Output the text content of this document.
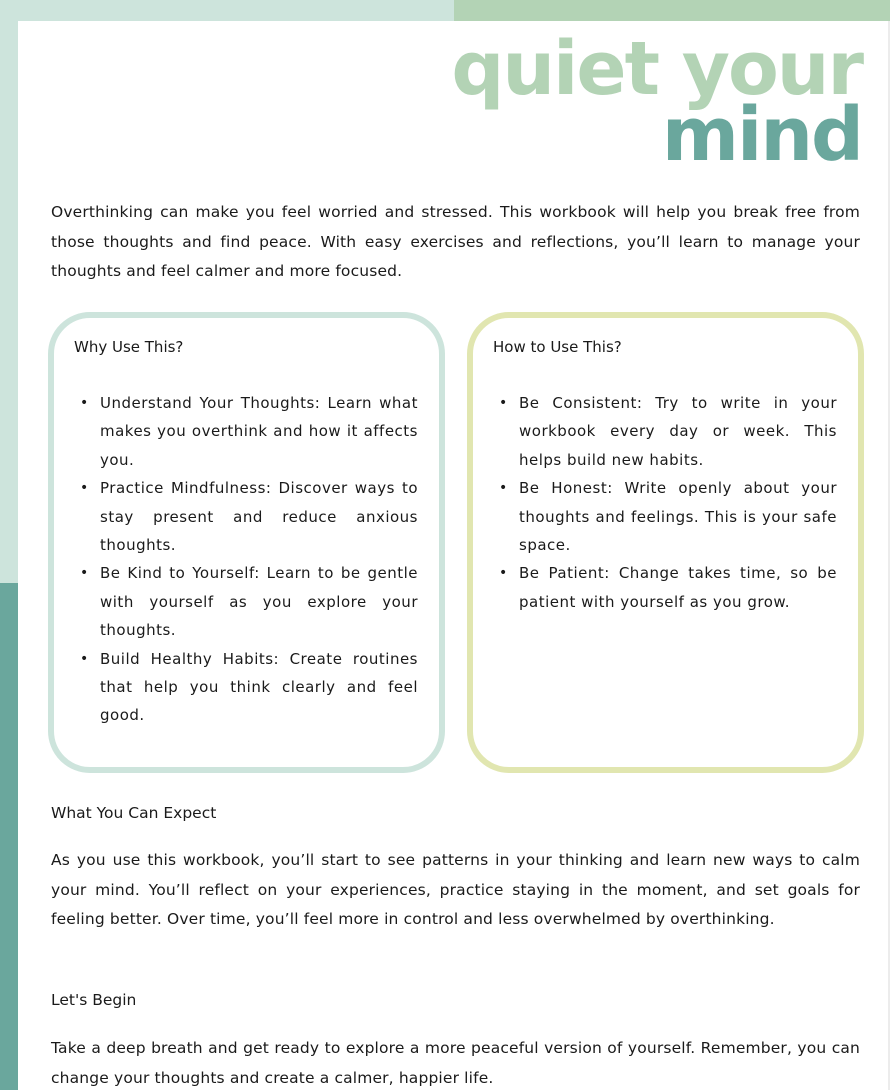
quiet your
mind

Overthinking can make you feel worried and stressed. This workbook will help you break free from those thoughts and find peace. With easy exercises and reflections, you’ll learn to manage your thoughts and feel calmer and more focused.

Why Use This?
• Understand Your Thoughts: Learn what makes you overthink and how it affects you.
• Practice Mindfulness: Discover ways to stay present and reduce anxious thoughts.
• Be Kind to Yourself: Learn to be gentle with yourself as you explore your thoughts.
• Build Healthy Habits: Create routines that help you think clearly and feel good.
How to Use This?
• Be Consistent: Try to write in your workbook every day or week. This helps build new habits.
• Be Honest: Write openly about your thoughts and feelings. This is your safe space.
• Be Patient: Change takes time, so be patient with yourself as you grow.
What You Can Expect

As you use this workbook, you’ll start to see patterns in your thinking and learn new ways to calm your mind. You’ll reflect on your experiences, practice staying in the moment, and set goals for feeling better. Over time, you’ll feel more in control and less overwhelmed by overthinking.

Let's Begin

Take a deep breath and get ready to explore a more peaceful version of yourself. Remember, you can change your thoughts and create a calmer, happier life.
